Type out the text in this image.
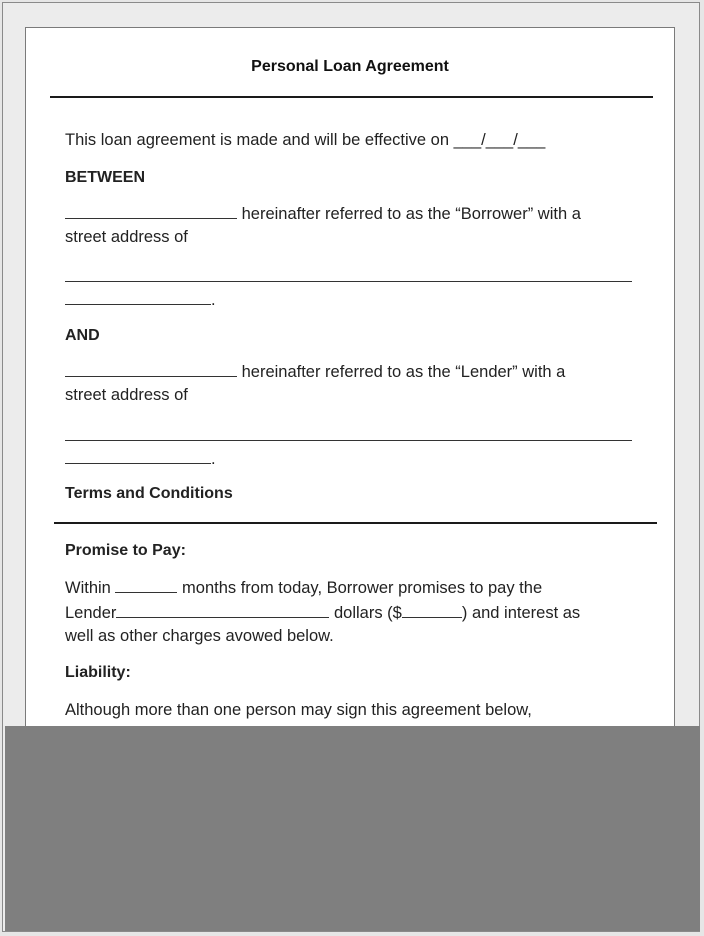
Personal Loan Agreement
This loan agreement is made and will be effective on ___/___/___
BETWEEN
hereinafter referred to as the “Borrower” with a
street address of
.
AND
hereinafter referred to as the “Lender” with a
street address of
.
Terms and Conditions
Promise to Pay:
Within	months from today, Borrower promises to pay the
Lender	dollars ($	) and interest as
well as other charges avowed below.
Liability:
Although more than one person may sign this agreement below,
